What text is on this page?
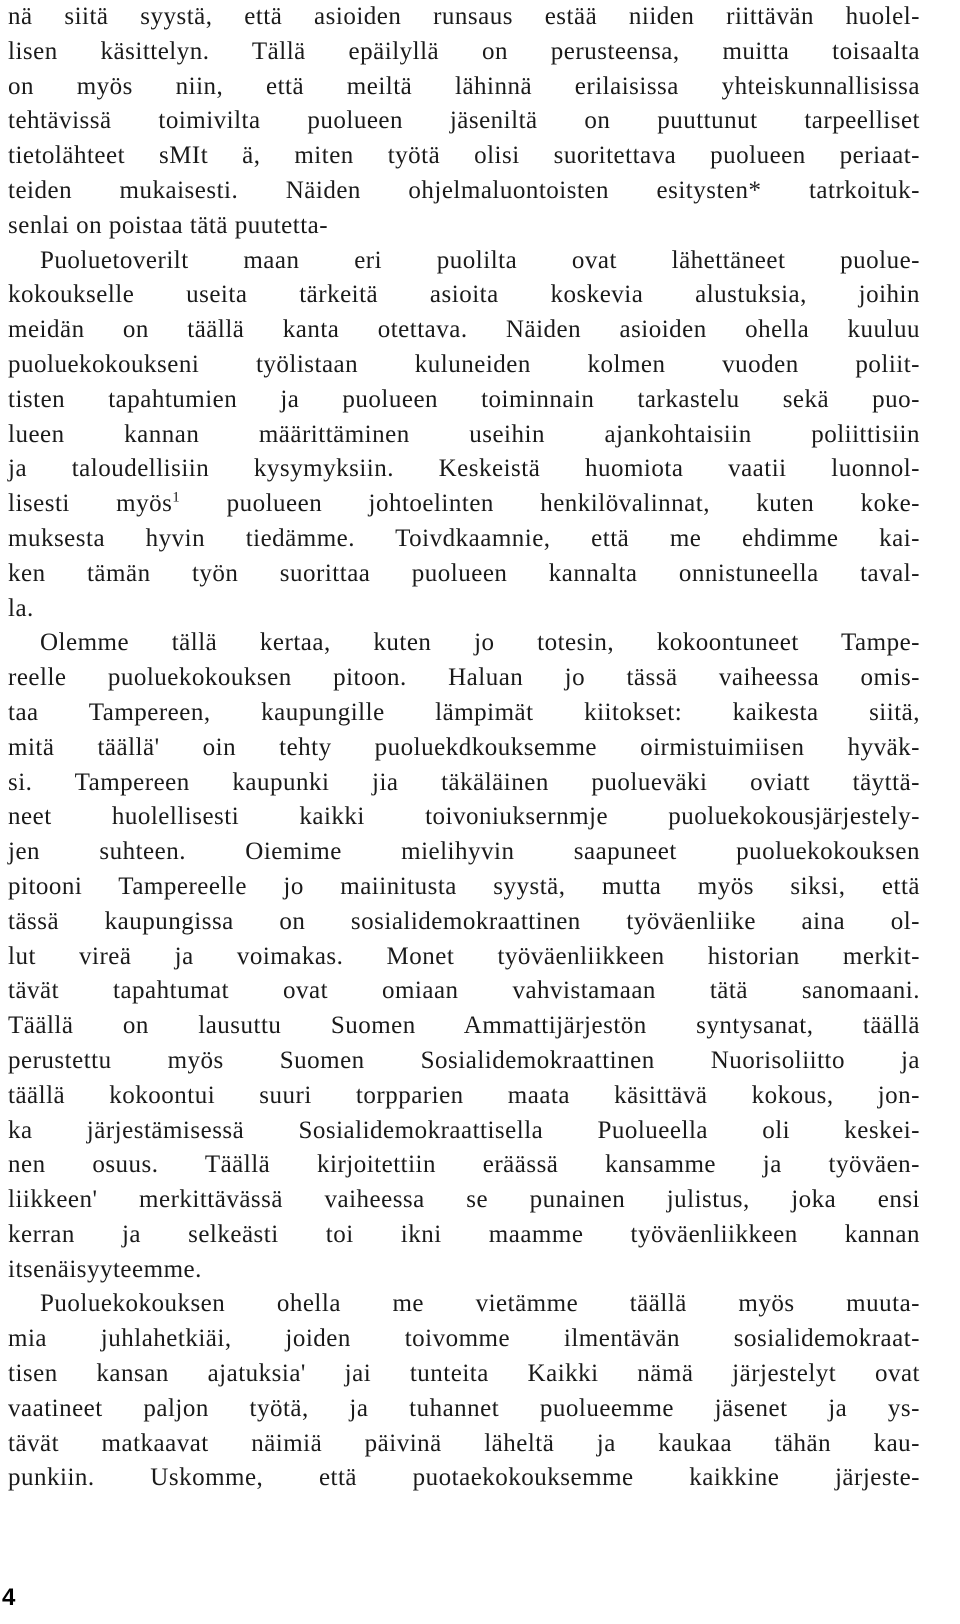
nä siitä syystä, että asioiden runsaus estää niiden riittävän huolel-
lisen käsittelyn. Tällä epäilyllä on perusteensa, muitta toisaalta
on myös niin, että meiltä lähinnä erilaisissa yhteiskunnallisissa
tehtävissä toimivilta puolueen jäseniltä on puuttunut tarpeelliset
tietolähteet sMIt ä, miten työtä olisi suoritettava puolueen periaat-
teiden mukaisesti. Näiden ohjelmaluontoisten esitysten* tatrkoituk-
senlai on poistaa tätä puutetta-
Puoluetoverilt maan eri puolilta ovat lähettäneet puolue-
kokoukselle useita tärkeitä asioita koskevia alustuksia, joihin
meidän on täällä kanta otettava. Näiden asioiden ohella kuuluu
puoluekokoukseni työlistaan kuluneiden kolmen vuoden poliit-
tisten tapahtumien ja puolueen toiminnain tarkastelu sekä puo-
lueen kannan määrittäminen useihin ajankohtaisiin poliittisiin
ja taloudellisiin kysymyksiin. Keskeistä huomiota vaatii luonnol-
lisesti myös$^1$ puolueen johtoelinten henkilövalinnat, kuten koke-
muksesta hyvin tiedämme. Toivdkaamnie, että me ehdimme kai-
ken tämän työn suorittaa puolueen kannalta onnistuneella taval-
la.
Olemme tällä kertaa, kuten jo totesin, kokoontuneet Tampe-
reelle puoluekokouksen pitoon. Haluan jo tässä vaiheessa omis-
taa Tampereen, kaupungille lämpimät kiitokset: kaikesta siitä,
mitä täällä' oin tehty puoluekdkouksemme oirmistuimiisen hyväk-
si. Tampereen kaupunki jia täkäläinen puolueväki oviatt täyttä-
neet huolellisesti kaikki toivoniuksernmje puoluekokousjärjestely-
jen suhteen. Oiemime mielihyvin saapuneet puoluekokouksen
pitooni Tampereelle jo maiinitusta syystä, mutta myös siksi, että
tässä kaupungissa on sosialidemokraattinen työväenliike aina ol-
lut vireä ja voimakas. Monet työväenliikkeen historian merkit-
tävät tapahtumat ovat omiaan vahvistamaan tätä sanomaani.
Täällä on lausuttu Suomen Ammattijärjestön syntysanat, täällä
perustettu myös Suomen Sosialidemokraattinen Nuorisoliitto ja
täällä kokoontui suuri torpparien maata käsittävä kokous, jon-
ka järjestämisessä Sosialidemokraattisella Puolueella oli keskei-
nen osuus. Täällä kirjoitettiin eräässä kansamme ja työväen-
liikkeen' merkittävässä vaiheessa se punainen julistus, joka ensi
kerran ja selkeästi toi ikni maamme työväenliikkeen kannan
itsenäisyyteemme.
Puoluekokouksen ohella me vietämme täällä myös muuta-
mia juhlahetkiäi, joiden toivomme ilmentävän sosialidemokraat-
tisen kansan ajatuksia' jai tunteita Kaikki nämä järjestelyt ovat
vaatineet paljon työtä, ja tuhannet puolueemme jäsenet ja ys-
tävät matkaavat näimiä päivinä läheltä ja kaukaa tähän kau-
punkiin. Uskomme, että puotaekokouksemme kaikkine järjeste-
4
